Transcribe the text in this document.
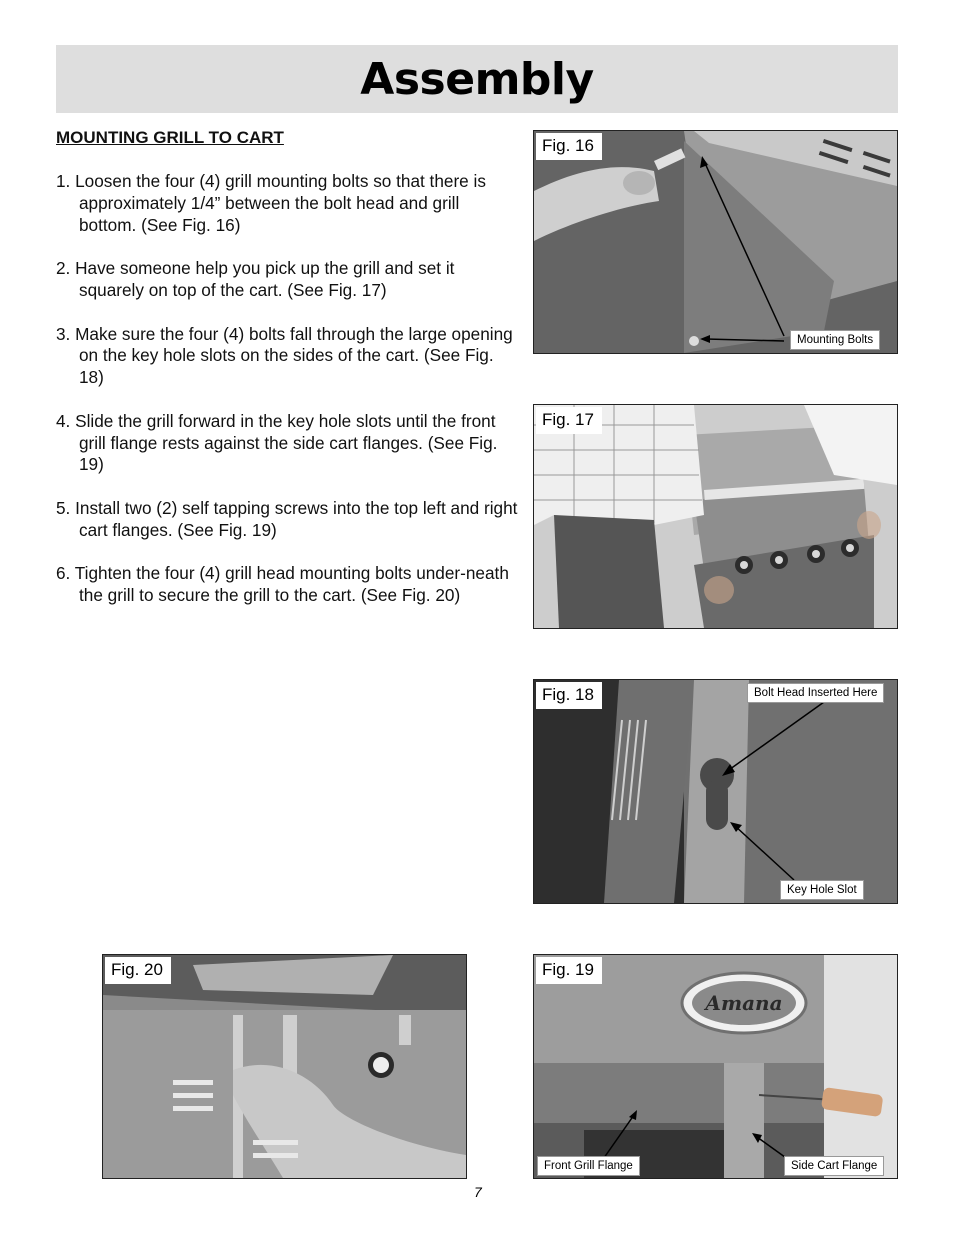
Assembly
MOUNTING GRILL TO CART
1. Loosen the four (4) grill mounting bolts so that there is approximately 1/4” between the bolt head and grill bottom. (See Fig. 16)
2. Have someone help you pick up the grill and set it squarely on top of the cart. (See Fig. 17)
3. Make sure the four (4) bolts fall through the large opening on the key hole slots on the sides of the cart. (See Fig. 18)
4. Slide the grill forward in the key hole slots until the front grill flange rests against the side cart flanges. (See Fig. 19)
5. Install two (2) self tapping screws into the top left and right cart flanges. (See Fig. 19)
6. Tighten the four (4) grill head mounting bolts under-neath the grill to secure the grill to the cart. (See Fig. 20)
Fig. 16
Mounting Bolts
Fig. 17
Fig. 18	Bolt Head Inserted Here
Key Hole Slot
Fig. 20
Amana
Fig. 19
Front Grill Flange	Side Cart Flange
7
